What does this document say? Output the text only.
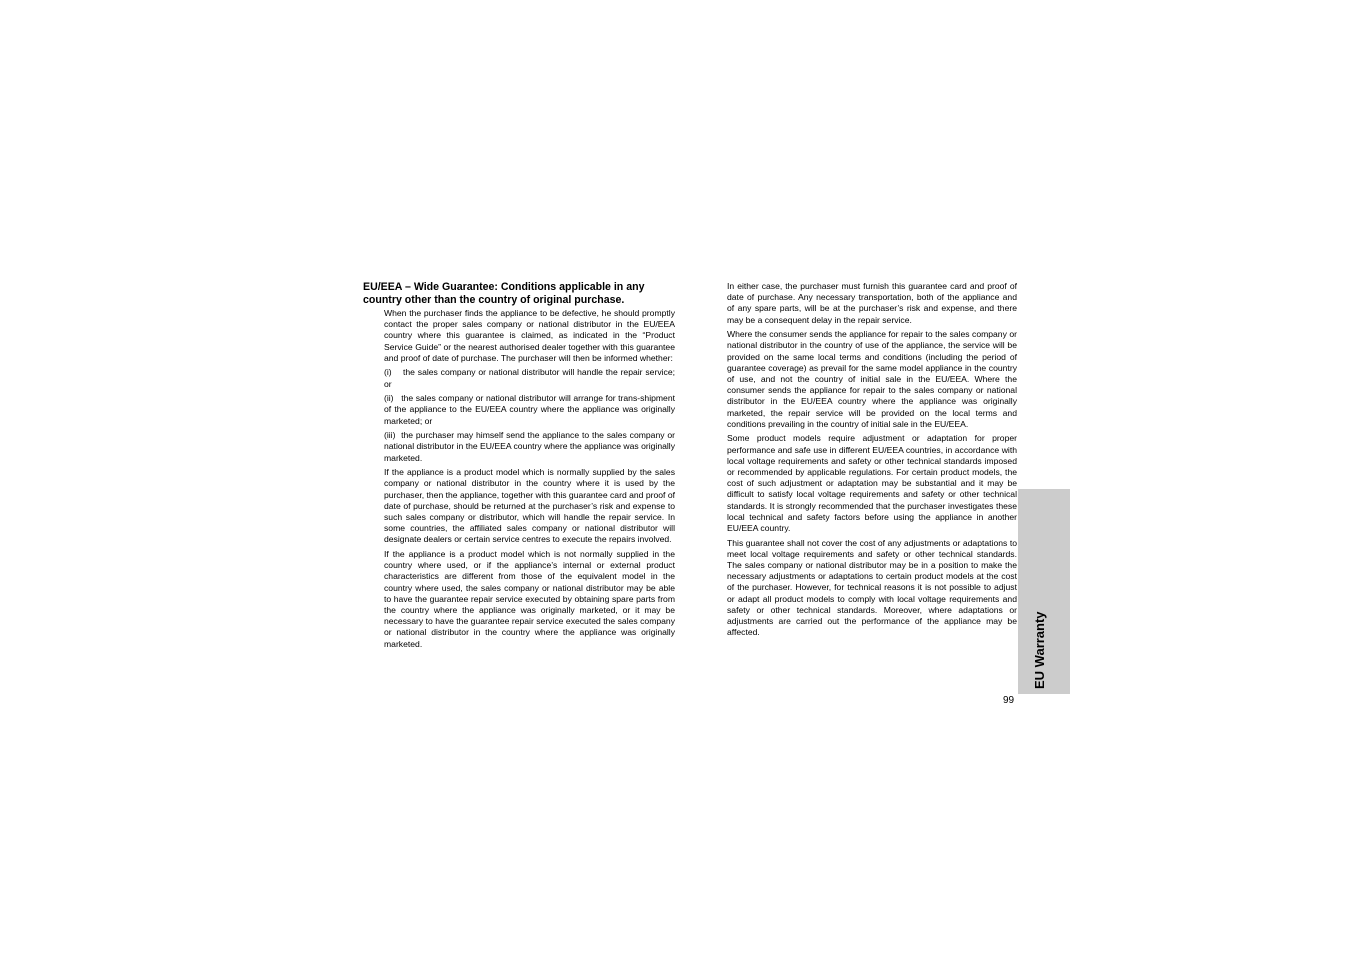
EU/EEA – Wide Guarantee: Conditions applicable in any country other than the country of original purchase.

When the purchaser finds the appliance to be defective, he should promptly contact the proper sales company or national distributor in the EU/EEA country where this guarantee is claimed, as indicated in the “Product Service Guide” or the nearest authorised dealer together with this guarantee and proof of date of purchase. The purchaser will then be informed whether:

(i)    the sales company or national distributor will handle the repair service; or

(ii)   the sales company or national distributor will arrange for trans-shipment of the appliance to the EU/EEA country where the appliance was originally marketed; or

(iii)  the purchaser may himself send the appliance to the sales company or national distributor in the EU/EEA country where the appliance was originally marketed.

If the appliance is a product model which is normally supplied by the sales company or national distributor in the country where it is used by the purchaser, then the appliance, together with this guarantee card and proof of date of purchase, should be returned at the purchaser’s risk and expense to such sales company or distributor, which will handle the repair service. In some countries, the affiliated sales company or national distributor will designate dealers or certain service centres to execute the repairs involved.

If the appliance is a product model which is not normally supplied in the country where used, or if the appliance’s internal or external product characteristics are different from those of the equivalent model in the country where used, the sales company or national distributor may be able to have the guarantee repair service executed by obtaining spare parts from the country where the appliance was originally marketed, or it may be necessary to have the guarantee repair service executed the sales company or national distributor in the country where the appliance was originally marketed.

In either case, the purchaser must furnish this guarantee card and proof of date of purchase. Any necessary transportation, both of the appliance and of any spare parts, will be at the purchaser’s risk and expense, and there may be a consequent delay in the repair service.

Where the consumer sends the appliance for repair to the sales company or national distributor in the country of use of the appliance, the service will be provided on the same local terms and conditions (including the period of guarantee coverage) as prevail for the same model appliance in the country of use, and not the country of initial sale in the EU/EEA. Where the consumer sends the appliance for repair to the sales company or national distributor in the EU/EEA country where the appliance was originally marketed, the repair service will be provided on the local terms and conditions prevailing in the country of initial sale in the EU/EEA.

Some product models require adjustment or adaptation for proper performance and safe use in different EU/EEA countries, in accordance with local voltage requirements and safety or other technical standards imposed or recommended by applicable regulations. For certain product models, the cost of such adjustment or adaptation may be substantial and it may be difficult to satisfy local voltage requirements and safety or other technical standards. It is strongly recommended that the purchaser investigates these local technical and safety factors before using the appliance in another EU/EEA country.

This guarantee shall not cover the cost of any adjustments or adaptations to meet local voltage requirements and safety or other technical standards. The sales company or national distributor may be in a position to make the necessary adjustments or adaptations to certain product models at the cost of the purchaser. However, for technical reasons it is not possible to adjust or adapt all product models to comply with local voltage requirements and safety or other technical standards. Moreover, where adaptations or adjustments are carried out the performance of the appliance may be affected.	EU Warranty
99
